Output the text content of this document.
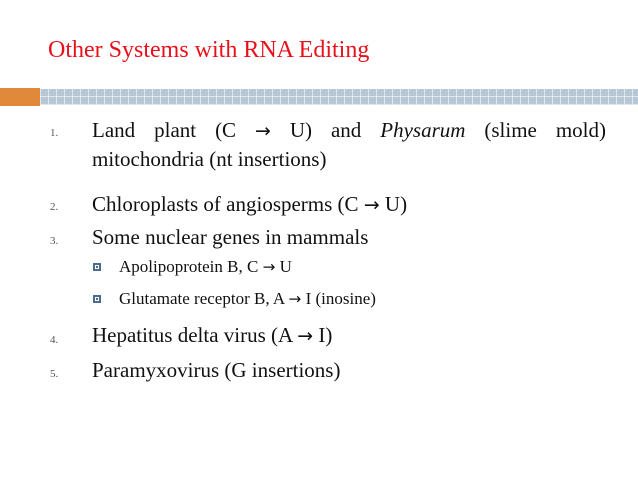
Other Systems with RNA Editing
1. Land plant (C → U) and Physarum (slime mold)
mitochondria (nt insertions)
2. Chloroplasts of angiosperms (C → U)
3. Some nuclear genes in mammals
Apolipoprotein B, C → U
Glutamate receptor B, A → I (inosine)
4. Hepatitus delta virus (A → I)
5. Paramyxovirus (G insertions)
